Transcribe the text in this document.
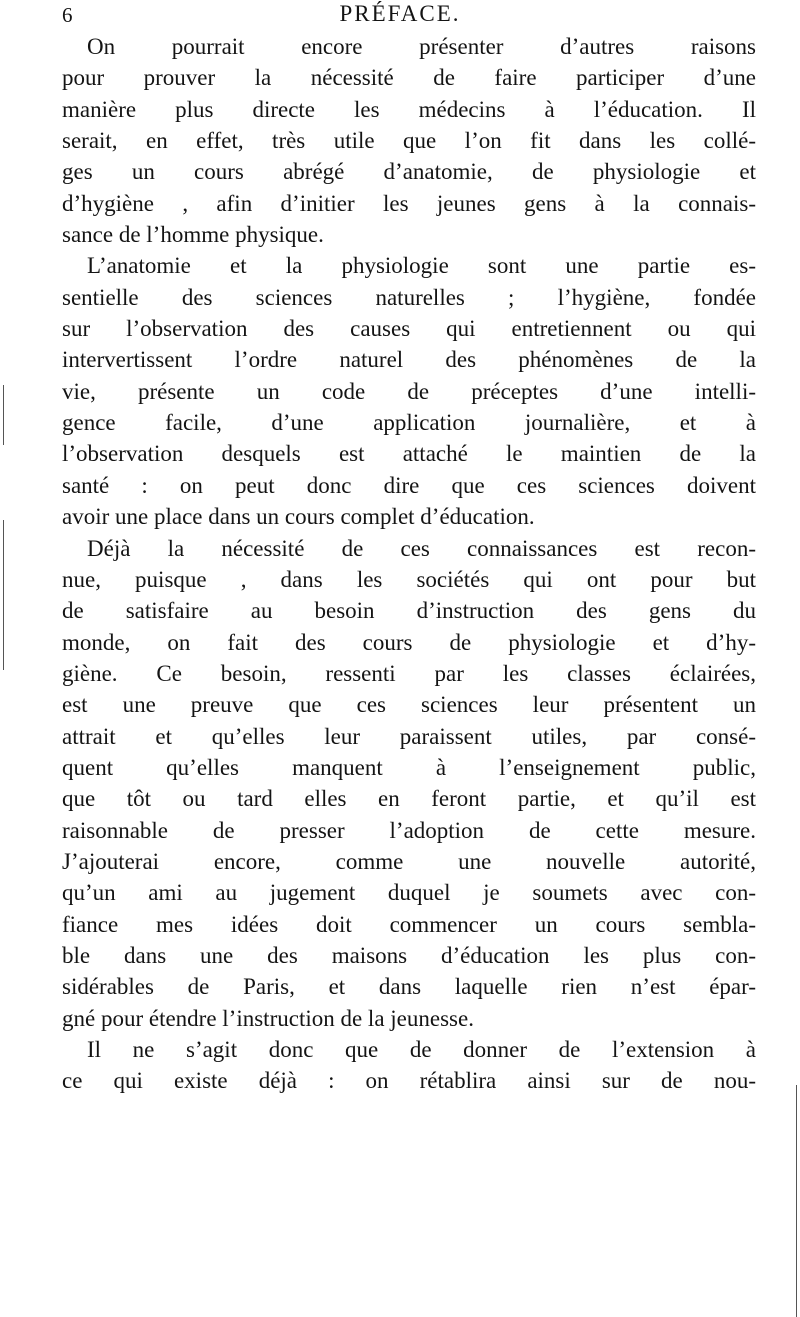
6	PRÉFACE.
On pourrait encore présenter d’autres raisons
pour prouver la nécessité de faire participer d’une
manière plus directe les médecins à l’éducation. Il
serait, en effet, très utile que l’on fit dans les collé-
ges un cours abrégé d’anatomie, de physiologie et
d’hygiène , afin d’initier les jeunes gens à la connais-
sance de l’homme physique.
L’anatomie et la physiologie sont une partie es-
sentielle des sciences naturelles ; l’hygiène, fondée
sur l’observation des causes qui entretiennent ou qui
intervertissent l’ordre naturel des phénomènes de la
vie, présente un code de préceptes d’une intelli-
gence facile, d’une application journalière, et à
l’observation desquels est attaché le maintien de la
santé : on peut donc dire que ces sciences doivent
avoir une place dans un cours complet d’éducation.
Déjà la nécessité de ces connaissances est recon-
nue, puisque , dans les sociétés qui ont pour but
de satisfaire au besoin d’instruction des gens du
monde, on fait des cours de physiologie et d’hy-
giène. Ce besoin, ressenti par les classes éclairées,
est une preuve que ces sciences leur présentent un
attrait et qu’elles leur paraissent utiles, par consé-
quent qu’elles manquent à l’enseignement public,
que tôt ou tard elles en feront partie, et qu’il est
raisonnable de presser l’adoption de cette mesure.
J’ajouterai encore, comme une nouvelle autorité,
qu’un ami au jugement duquel je soumets avec con-
fiance mes idées doit commencer un cours sembla-
ble dans une des maisons d’éducation les plus con-
sidérables de Paris, et dans laquelle rien n’est épar-
gné pour étendre l’instruction de la jeunesse.
Il ne s’agit donc que de donner de l’extension à
ce qui existe déjà : on rétablira ainsi sur de nou-
